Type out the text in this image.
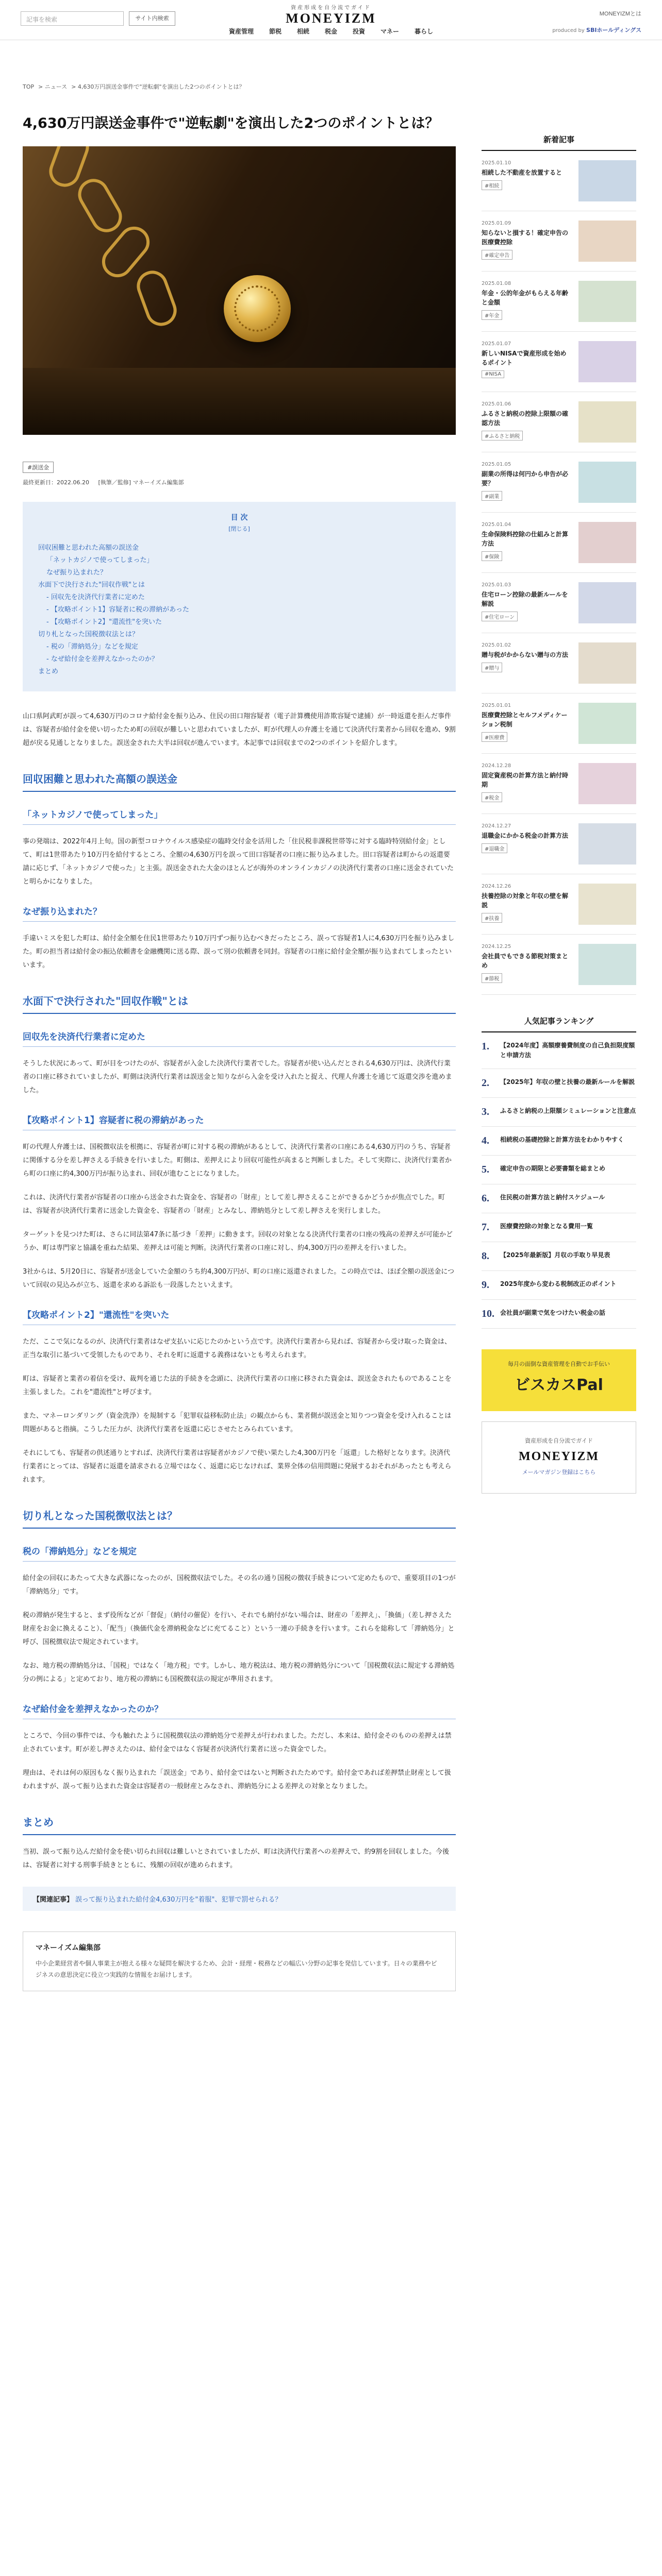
記事を検索	サイト内検索
資産形成を自分流でガイド
MONEYIZM
資産管理	節税	相続	税金	投資	マネー	暮らし
MONEYIZMとは
produced by SBIホールディングス
TOP > ニュース > 4,630万円誤送金事件で"逆転劇"を演出した2つのポイントとは？
4,630万円誤送金事件で"逆転劇"を演出した2つのポイントとは？
#誤送金
最終更新日：2022.06.20 [執筆／監修] マネーイズム編集部
目 次
[閉じる]
回収困難と思われた高額の誤送金
「ネットカジノで使ってしまった」
なぜ振り込まれた？
水面下で決行された"回収作戦"とは
- 回収先を決済代行業者に定めた
- 【攻略ポイント1】容疑者に税の滞納があった
- 【攻略ポイント2】"還流性"を突いた
切り札となった国税徴収法とは？
- 税の「滞納処分」などを規定
- なぜ給付金を差押えなかったのか？
まとめ

山口県阿武町が誤って4,630万円のコロナ給付金を振り込み、住民の田口翔容疑者（電子計算機使用詐欺容疑で逮捕）が一時返還を拒んだ事件は、容疑者が給付金を使い切ったため町の回収が難しいと思われていましたが、町が代理人の弁護士を通じて決済代行業者から回収を進め、9割超が戻る見通しとなりました。誤送金された大半は回収が進んでいます。本記事では回収までの2つのポイントを紹介します。

回収困難と思われた高額の誤送金
「ネットカジノで使ってしまった」

事の発端は、2022年4月上旬。国の新型コロナウイルス感染症の臨時交付金を活用した「住民税非課税世帯等に対する臨時特別給付金」として、町は1世帯あたり10万円を給付するところ、全額の4,630万円を誤って田口容疑者の口座に振り込みました。田口容疑者は町からの返還要請に応じず、「ネットカジノで使った」と主張。誤送金された大金のほとんどが海外のオンラインカジノの決済代行業者の口座に送金されていたと明らかになりました。

なぜ振り込まれた？

手違いミスを犯した町は、給付金全額を住民1世帯あたり10万円ずつ振り込むべきだったところ、誤って容疑者1人に4,630万円を振り込みました。町の担当者は給付金の振込依頼書を金融機関に送る際、誤って別の依頼書を同封。容疑者の口座に給付金全額が振り込まれてしまったといいます。

水面下で決行された"回収作戦"とは
回収先を決済代行業者に定めた

そうした状況にあって、町が目をつけたのが、容疑者が入金した決済代行業者でした。容疑者が使い込んだとされる4,630万円は、決済代行業者の口座に移されていましたが、町側は決済代行業者は誤送金と知りながら入金を受け入れたと捉え、代理人弁護士を通じて返還交渉を進めました。

【攻略ポイント1】容疑者に税の滞納があった

町の代理人弁護士は、国税徴収法を根拠に、容疑者が町に対する税の滞納があるとして、決済代行業者の口座にある4,630万円のうち、容疑者に関係する分を差し押さえる手続きを行いました。町側は、差押えにより回収可能性が高まると判断しました。そして実際に、決済代行業者から町の口座に約4,300万円が振り込まれ、回収が進むことになりました。

これは、決済代行業者が容疑者の口座から送金された資金を、容疑者の「財産」として差し押さえることができるかどうかが焦点でした。町は、容疑者が決済代行業者に送金した資金を、容疑者の「財産」とみなし、滞納処分として差し押さえを実行しました。

ターゲットを見つけた町は、さらに同法第47条に基づき「差押」に動きます。回収の対象となる決済代行業者の口座の残高の差押えが可能かどうか、町は専門家と協議を重ねた結果、差押えは可能と判断。決済代行業者の口座に対し、約4,300万円の差押えを行いました。

3社からは、5月20日に、容疑者が送金していた金額のうち約4,300万円が、町の口座に返還されました。この時点では、ほぼ全額の誤送金について回収の見込みが立ち、返還を求める訴訟も一段落したといえます。

【攻略ポイント2】"還流性"を突いた

ただ、ここで気になるのが、決済代行業者はなぜ支払いに応じたのかという点です。決済代行業者から見れば、容疑者から受け取った資金は、正当な取引に基づいて受領したものであり、それを町に返還する義務はないとも考えられます。

町は、容疑者と業者の着信を受け、裁判を通じた法的手続きを念頭に、決済代行業者の口座に移された資金は、誤送金されたものであることを主張しました。これを"還流性"と呼びます。

また、マネーロンダリング（資金洗浄）を規制する「犯罪収益移転防止法」の観点からも、業者側が誤送金と知りつつ資金を受け入れることは問題があると指摘。こうした圧力が、決済代行業者を返還に応じさせたとみられています。

それにしても、容疑者の供述通りとすれば、決済代行業者は容疑者がカジノで使い果たした4,300万円を「返還」した格好となります。決済代行業者にとっては、容疑者に返還を請求される立場ではなく、返還に応じなければ、業界全体の信用問題に発展するおそれがあったとも考えられます。

切り札となった国税徴収法とは？
税の「滞納処分」などを規定

給付金の回収にあたって大きな武器になったのが、国税徴収法でした。その名の通り国税の徴収手続きについて定めたもので、重要項目の1つが「滞納処分」です。

税の滞納が発生すると、まず役所などが「督促」（納付の催促）を行い、それでも納付がない場合は、財産の「差押え」、「換価」（差し押さえた財産をお金に換えること）、「配当」（換価代金を滞納税金などに充てること）という一連の手続きを行います。これらを総称して「滞納処分」と呼び、国税徴収法で規定されています。

なお、地方税の滞納処分は、「国税」ではなく「地方税」です。しかし、地方税法は、地方税の滞納処分について「国税徴収法に規定する滞納処分の例による」と定めており、地方税の滞納にも国税徴収法の規定が準用されます。

なぜ給付金を差押えなかったのか？

ところで、今回の事件では、今も触れたように国税徴収法の滞納処分で差押えが行われました。ただし、本来は、給付金そのものの差押えは禁止されています。町が差し押さえたのは、給付金ではなく容疑者が決済代行業者に送った資金でした。

理由は、それは何の原因もなく振り込まれた「誤送金」であり、給付金ではないと判断されたためです。給付金であれば差押禁止財産として扱われますが、誤って振り込まれた資金は容疑者の一般財産とみなされ、滞納処分による差押えの対象となりました。

まとめ

当初、誤って振り込んだ給付金を使い切られ回収は難しいとされていましたが、町は決済代行業者への差押えで、約9割を回収しました。今後は、容疑者に対する刑事手続きとともに、残額の回収が進められます。

【関連記事】 誤って振り込まれた給付金4,630万円を"着服"、犯罪で罰せられる？
マネーイズム編集部
中小企業経営者や個人事業主が抱える様々な疑問を解決するため、会計・経理・税務などの幅広い分野の記事を発信しています。日々の業務やビジネスの意思決定に役立つ実践的な情報をお届けします。
新着記事
2025.01.10
相続した不動産を放置すると
#相続
2025.01.09
知らないと損する！確定申告の医療費控除
#確定申告
2025.01.08
年金・公的年金がもらえる年齢と金額
#年金
2025.01.07
新しいNISAで資産形成を始めるポイント
#NISA
2025.01.06
ふるさと納税の控除上限額の確認方法
#ふるさと納税
2025.01.05
副業の所得は何円から申告が必要？
#副業
2025.01.04
生命保険料控除の仕組みと計算方法
#保険
2025.01.03
住宅ローン控除の最新ルールを解説
#住宅ローン
2025.01.02
贈与税がかからない贈与の方法
#贈与
2025.01.01
医療費控除とセルフメディケーション税制
#医療費
2024.12.28
固定資産税の計算方法と納付時期
#税金
2024.12.27
退職金にかかる税金の計算方法
#退職金
2024.12.26
扶養控除の対象と年収の壁を解説
#扶養
2024.12.25
会社員でもできる節税対策まとめ
#節税
人気記事ランキング
1.	【2024年度】高額療養費制度の自己負担限度額と申請方法
2.	【2025年】年収の壁と扶養の最新ルールを解説
3.	ふるさと納税の上限額シミュレーションと注意点
4.	相続税の基礎控除と計算方法をわかりやすく
5.	確定申告の期限と必要書類を総まとめ
6.	住民税の計算方法と納付スケジュール
7.	医療費控除の対象となる費用一覧
8.	【2025年最新版】月収の手取り早見表
9.	2025年度から変わる税制改正のポイント
10. 会社員が副業で気をつけたい税金の話
毎月の面倒な資産管理を自動でお手伝い
ビスカスPal
資産形成を自分流でガイド
MONEYIZM
メールマガジン登録はこちら
